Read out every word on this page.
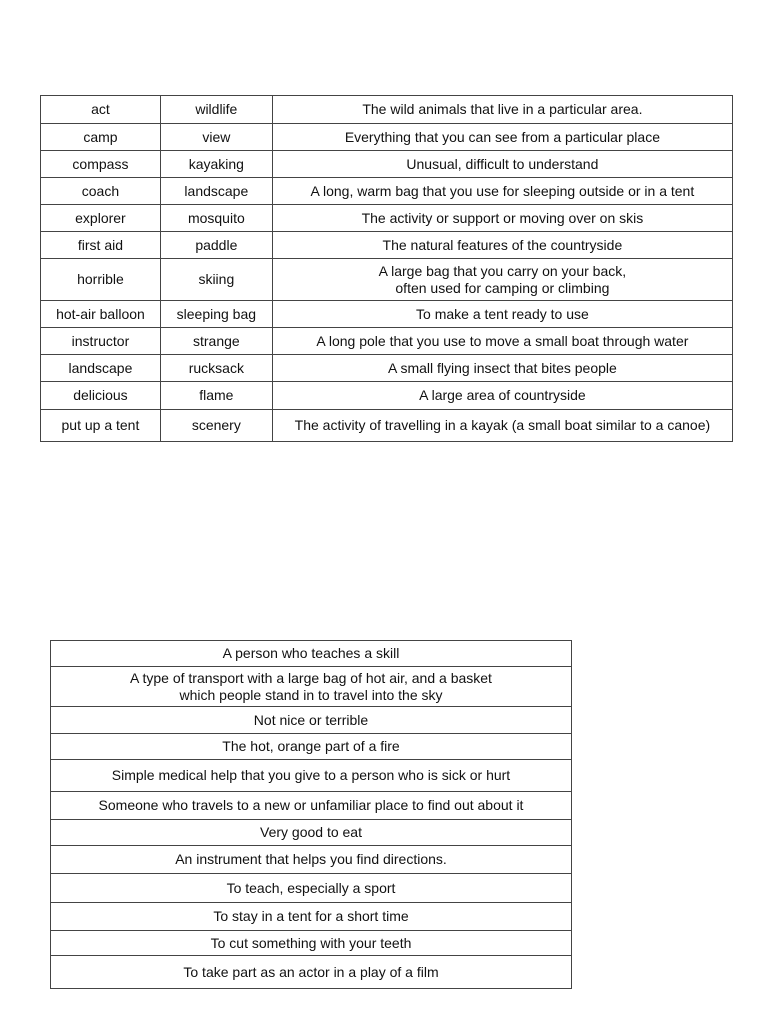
act	wildlife	The wild animals that live in a particular area.
camp	view	Everything that you can see from a particular place
compass	kayaking	Unusual, difficult to understand
coach	landscape	A long, warm bag that you use for sleeping outside or in a tent
explorer	mosquito	The activity or support or moving over on skis
first aid	paddle	The natural features of the countryside
horrible	skiing	A large bag that you carry on your back,
often used for camping or climbing
hot-air balloon	sleeping bag	To make a tent ready to use
instructor	strange	A long pole that you use to move a small boat through water
landscape	rucksack	A small flying insect that bites people
delicious	flame	A large area of countryside
put up a tent	scenery	The activity of travelling in a kayak (a small boat similar to a canoe)
A person who teaches a skill
A type of transport with a large bag of hot air, and a basket
which people stand in to travel into the sky
Not nice or terrible
The hot, orange part of a fire
Simple medical help that you give to a person who is sick or hurt
Someone who travels to a new or unfamiliar place to find out about it
Very good to eat
An instrument that helps you find directions.
To teach, especially a sport
To stay in a tent for a short time
To cut something with your teeth
To take part as an actor in a play of a film
